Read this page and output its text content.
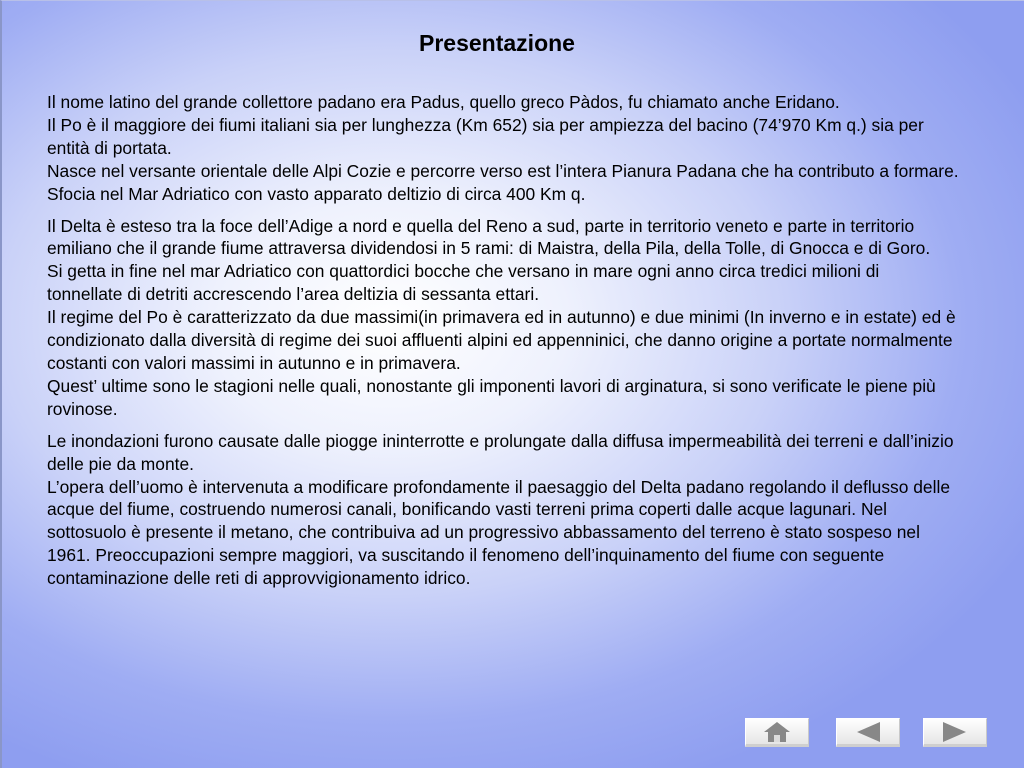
Presentazione

Il nome latino del grande collettore padano era Padus, quello greco Pàdos, fu chiamato anche Eridano.
Il Po è il maggiore dei fiumi italiani sia per lunghezza (Km 652) sia per ampiezza del bacino (74’970 Km q.) sia per entità di portata.
Nasce nel versante orientale delle Alpi Cozie e percorre verso est l’intera Pianura Padana che ha contributo a formare. Sfocia nel Mar Adriatico con vasto apparato deltizio di circa 400 Km q.

Il Delta è esteso tra la foce dell’Adige a nord e quella del Reno a sud, parte in territorio veneto e parte in territorio emiliano che il grande fiume attraversa dividendosi in 5 rami: di Maistra, della Pila, della Tolle, di Gnocca e di Goro.
Si getta in fine nel mar Adriatico con quattordici bocche che versano in mare ogni anno circa tredici milioni di tonnellate di detriti accrescendo l’area deltizia di sessanta ettari.
Il regime del Po è caratterizzato da due massimi(in primavera ed in autunno) e due minimi (In inverno e in estate) ed è condizionato dalla diversità di regime dei suoi affluenti alpini ed appenninici, che danno origine a portate normalmente costanti con valori massimi in autunno e in primavera.
Quest’ ultime sono le stagioni nelle quali, nonostante gli imponenti lavori di arginatura, si sono verificate le piene più rovinose.

Le inondazioni furono causate dalle piogge ininterrotte e prolungate dalla diffusa impermeabilità dei terreni e dall’inizio delle pie da monte.
L’opera dell’uomo è intervenuta a modificare profondamente il paesaggio del Delta padano regolando il deflusso delle acque del fiume, costruendo numerosi canali, bonificando vasti terreni prima coperti dalle acque lagunari. Nel sottosuolo è presente il metano, che contribuiva ad un progressivo abbassamento del terreno è stato sospeso nel 1961. Preoccupazioni sempre maggiori, va suscitando il fenomeno dell’inquinamento del fiume con seguente contaminazione delle reti di approvvigionamento idrico.
